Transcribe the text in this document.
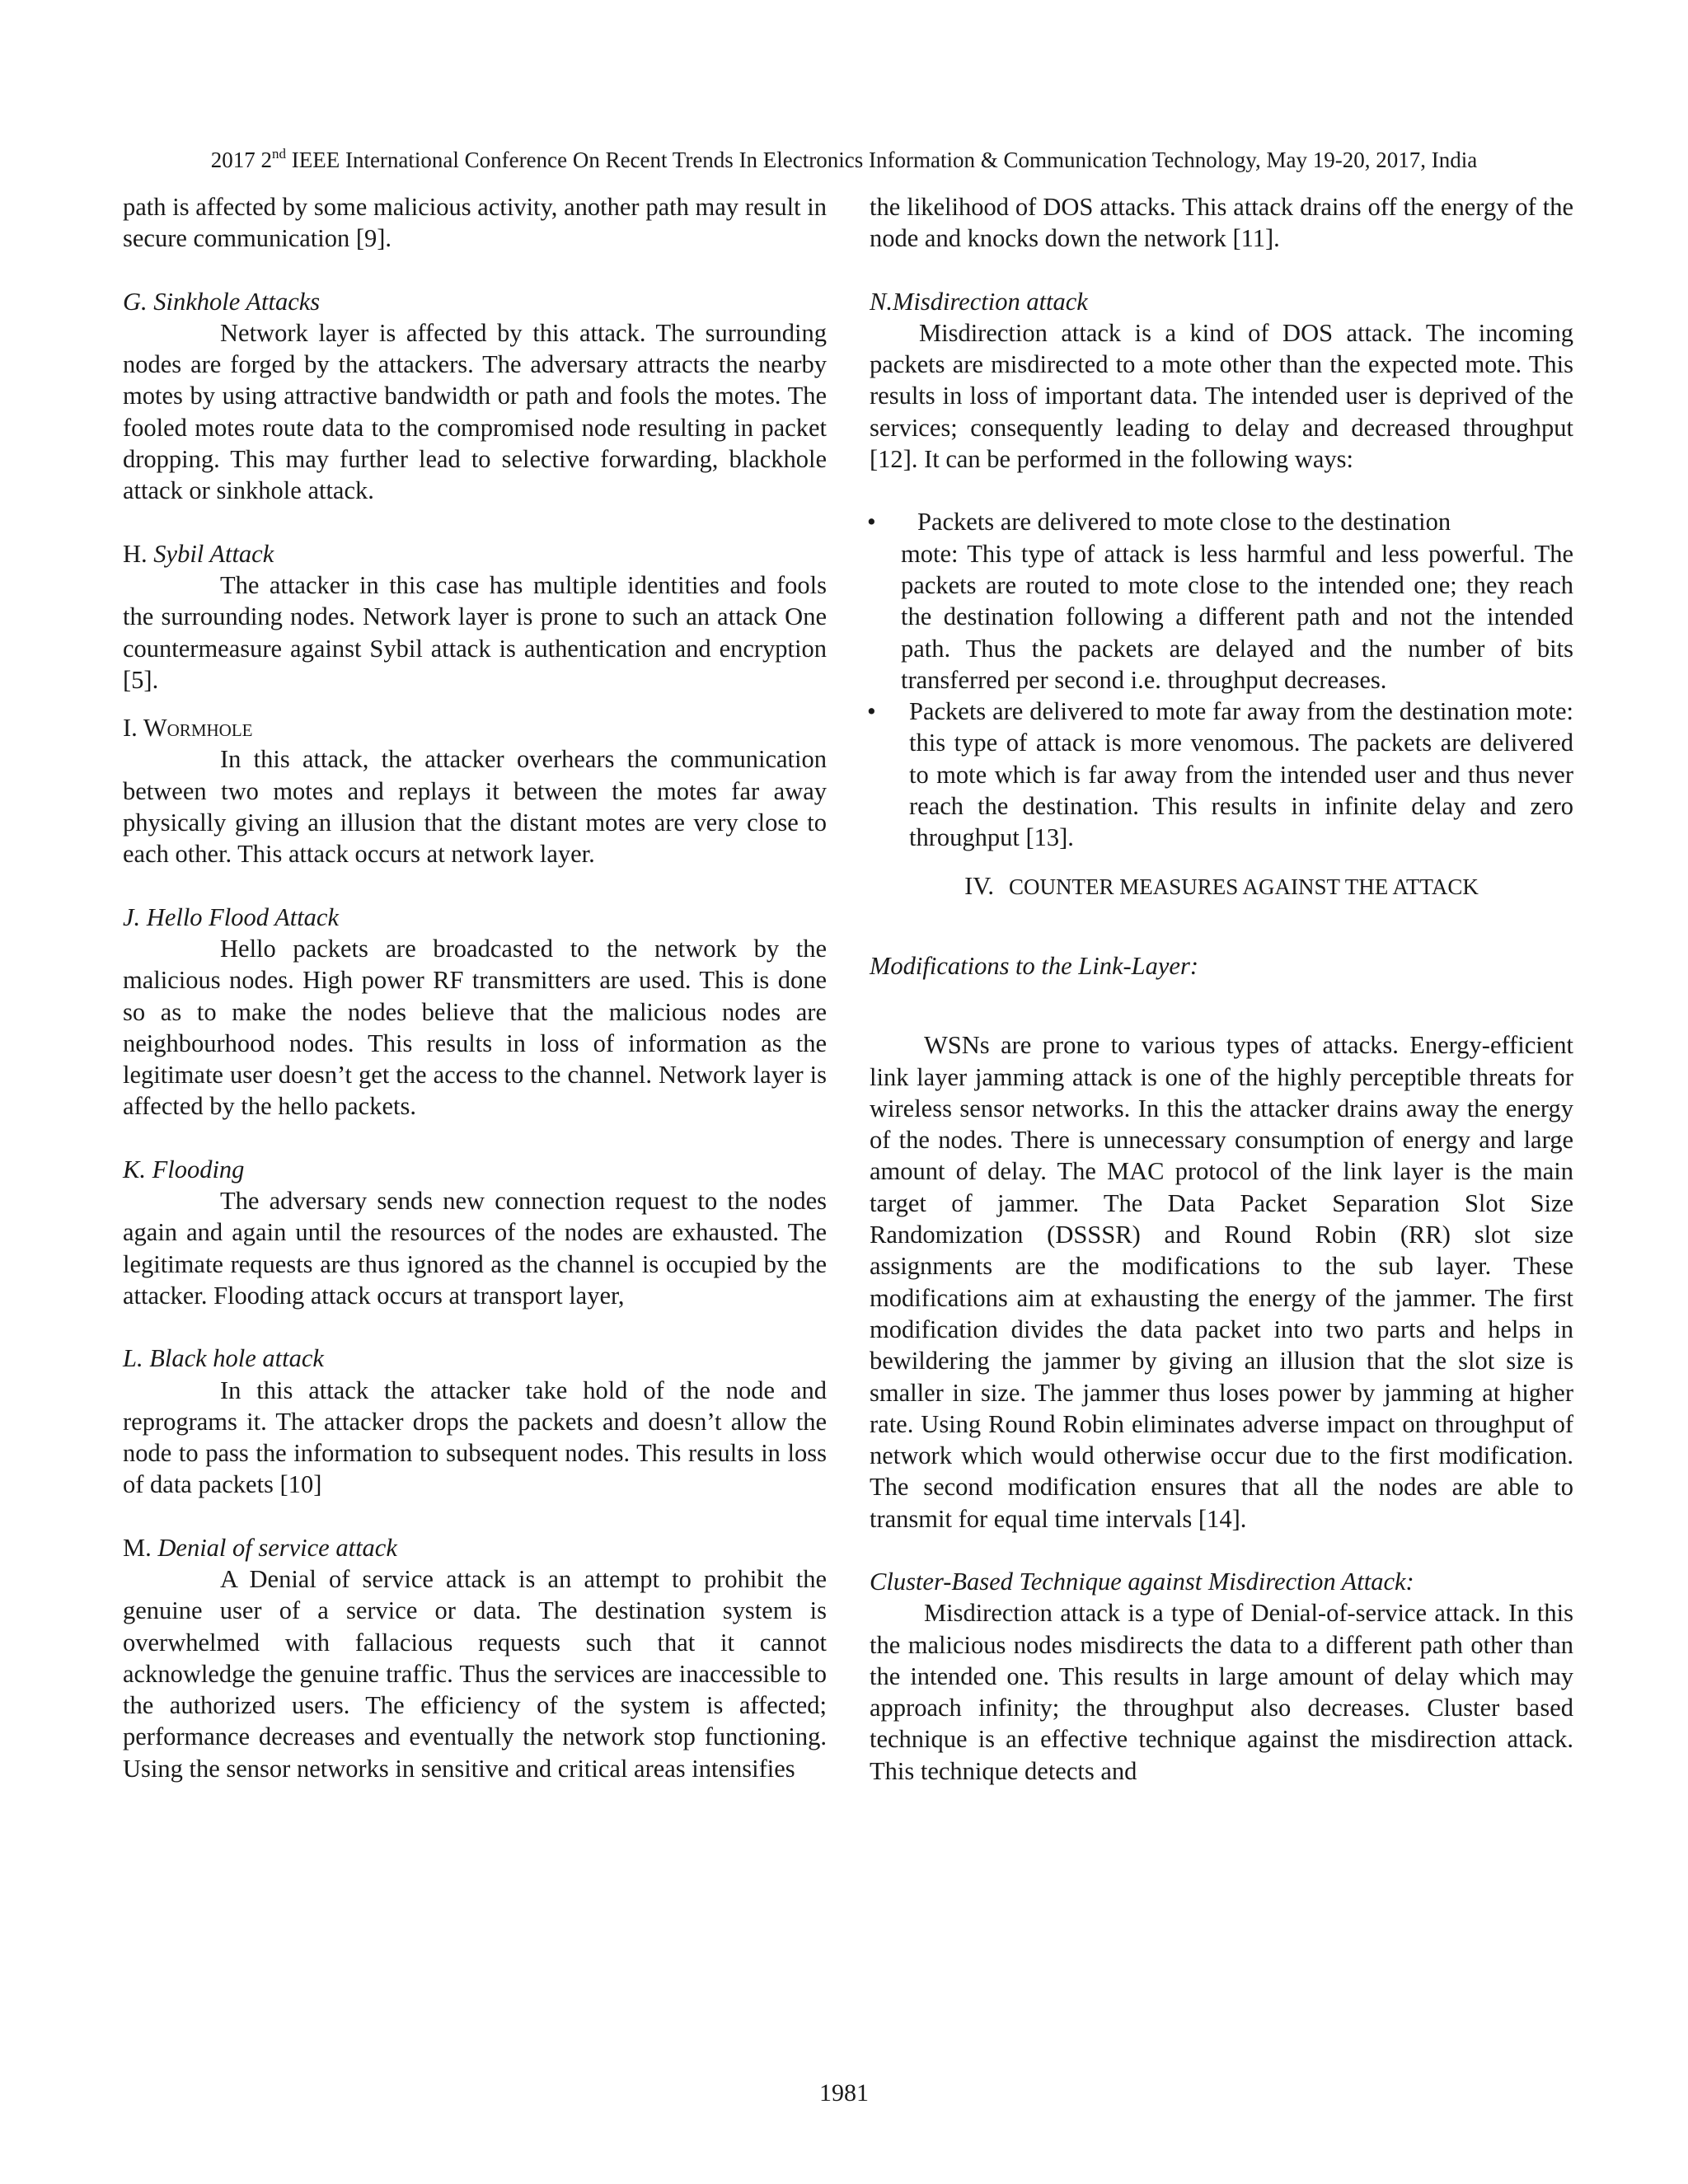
2017 2nd IEEE International Conference On Recent Trends In Electronics Information & Communication Technology, May 19-20, 2017, India

path is affected by some malicious activity, another path may result in secure communication [9].

G. Sinkhole Attacks

Network layer is affected by this attack. The surrounding nodes are forged by the attackers. The adversary attracts the nearby motes by using attractive bandwidth or path and fools the motes. The fooled motes route data to the compromised node resulting in packet dropping. This may further lead to selective forwarding, blackhole attack or sinkhole attack.

H. Sybil Attack

The attacker in this case has multiple identities and fools the surrounding nodes. Network layer is prone to such an attack One countermeasure against Sybil attack is authentication and encryption [5].

I. Wormhole

In this attack, the attacker overhears the communication between two motes and replays it between the motes far away physically giving an illusion that the distant motes are very close to each other. This attack occurs at network layer.

J. Hello Flood Attack

Hello packets are broadcasted to the network by the malicious nodes. High power RF transmitters are used. This is done so as to make the nodes believe that the malicious nodes are neighbourhood nodes. This results in loss of information as the legitimate user doesn’t get the access to the channel. Network layer is affected by the hello packets.

K. Flooding

The adversary sends new connection request to the nodes again and again until the resources of the nodes are exhausted. The legitimate requests are thus ignored as the channel is occupied by the attacker. Flooding attack occurs at transport layer,

L. Black hole attack

In this attack the attacker take hold of the node and reprograms it. The attacker drops the packets and doesn’t allow the node to pass the information to subsequent nodes. This results in loss of data packets [10]

M. Denial of service attack

A Denial of service attack is an attempt to prohibit the genuine user of a service or data. The destination system is overwhelmed with fallacious requests such that it cannot acknowledge the genuine traffic. Thus the services are inaccessible to the authorized users. The efficiency of the system is affected; performance decreases and eventually the network stop functioning. Using the sensor networks in sensitive and critical areas intensifies

the likelihood of DOS attacks. This attack drains off the energy of the node and knocks down the network [11].

N.Misdirection attack

Misdirection attack is a kind of DOS attack. The incoming packets are misdirected to a mote other than the expected mote. This results in loss of important data. The intended user is deprived of the services; consequently leading to delay and decreased throughput [12]. It can be performed in the following ways:

•	Packets are delivered to mote close to the destination
mote: This type of attack is less harmful and less powerful. The packets are routed to mote close to the intended one; they reach the destination following a different path and not the intended path. Thus the packets are delayed and the number of bits transferred per second i.e. throughput decreases.
• Packets are delivered to mote far away from the destination mote: this type of attack is more venomous. The packets are delivered to mote which is far away from the intended user and thus never reach the destination. This results in infinite delay and zero throughput [13].

IV. COUNTER MEASURES AGAINST THE ATTACK

Modifications to the Link-Layer:

WSNs are prone to various types of attacks. Energy-efficient link layer jamming attack is one of the highly perceptible threats for wireless sensor networks. In this the attacker drains away the energy of the nodes. There is unnecessary consumption of energy and large amount of delay. The MAC protocol of the link layer is the main target of jammer. The Data Packet Separation Slot Size Randomization (DSSSR) and Round Robin (RR) slot size assignments are the modifications to the sub layer. These modifications aim at exhausting the energy of the jammer. The first modification divides the data packet into two parts and helps in bewildering the jammer by giving an illusion that the slot size is smaller in size. The jammer thus loses power by jamming at higher rate. Using Round Robin eliminates adverse impact on throughput of network which would otherwise occur due to the first modification. The second modification ensures that all the nodes are able to transmit for equal time intervals [14].

Cluster-Based Technique against Misdirection Attack:

Misdirection attack is a type of Denial-of-service attack. In this the malicious nodes misdirects the data to a different path other than the intended one. This results in large amount of delay which may approach infinity; the throughput also decreases. Cluster based technique is an effective technique against the misdirection attack. This technique detects and

1981
